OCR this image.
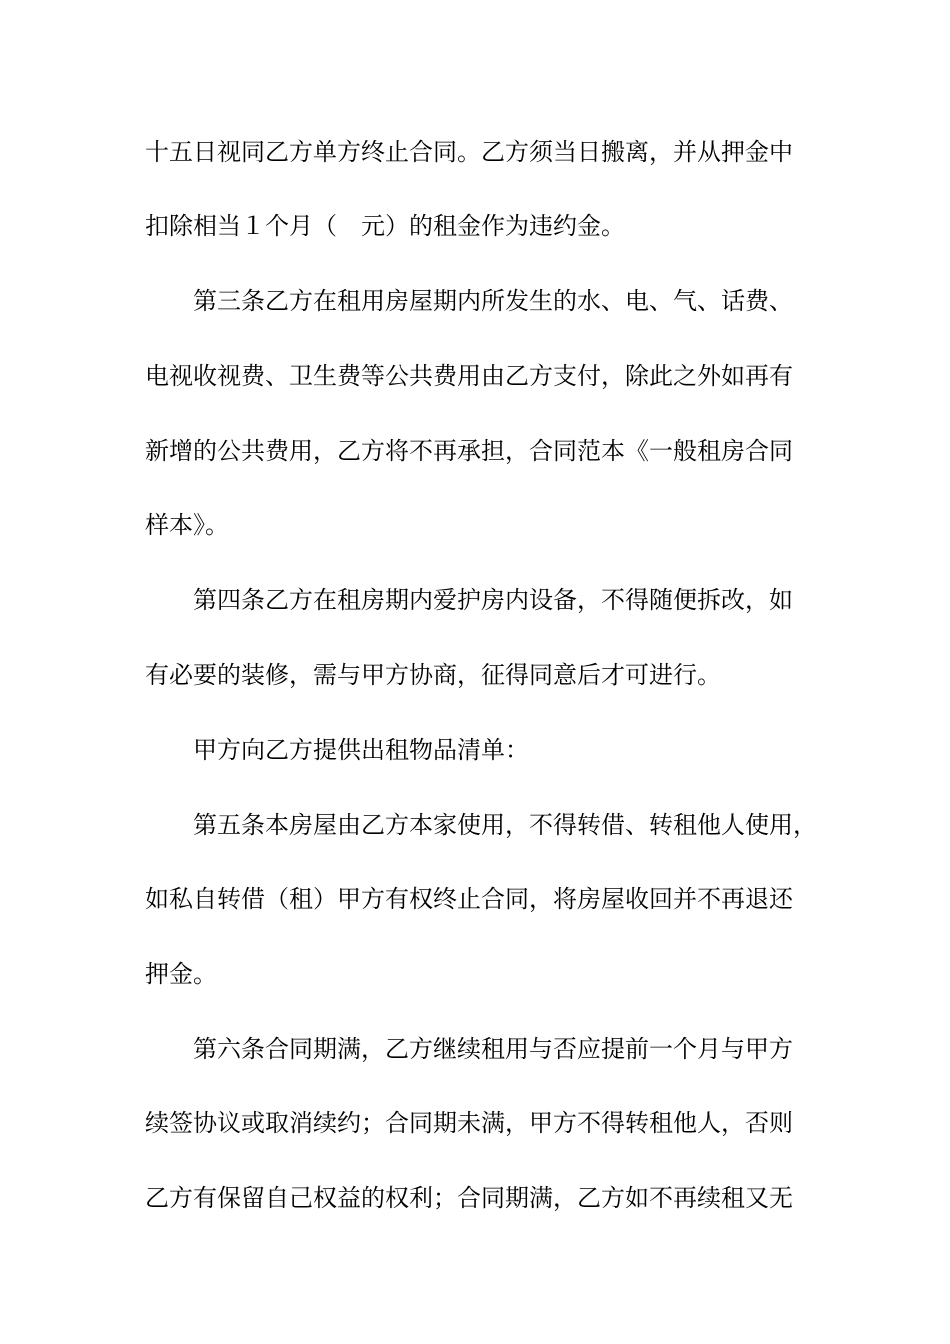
十五日视同乙方单方终止合同。乙方须当日搬离，并从押金中
扣除相当１个月（　元）的租金作为违约金。
第三条乙方在租用房屋期内所发生的水、电、气、话费、
电视收视费、卫生费等公共费用由乙方支付，除此之外如再有
新增的公共费用，乙方将不再承担，合同范本《一般租房合同
样本》。
第四条乙方在租房期内爱护房内设备，不得随便拆改，如
有必要的装修，需与甲方协商，征得同意后才可进行。
甲方向乙方提供出租物品清单：
第五条本房屋由乙方本家使用，不得转借、转租他人使用，
如私自转借（租）甲方有权终止合同，将房屋收回并不再退还
押金。
第六条合同期满，乙方继续租用与否应提前一个月与甲方
续签协议或取消续约；合同期未满，甲方不得转租他人，否则
乙方有保留自己权益的权利；合同期满，乙方如不再续租又无
